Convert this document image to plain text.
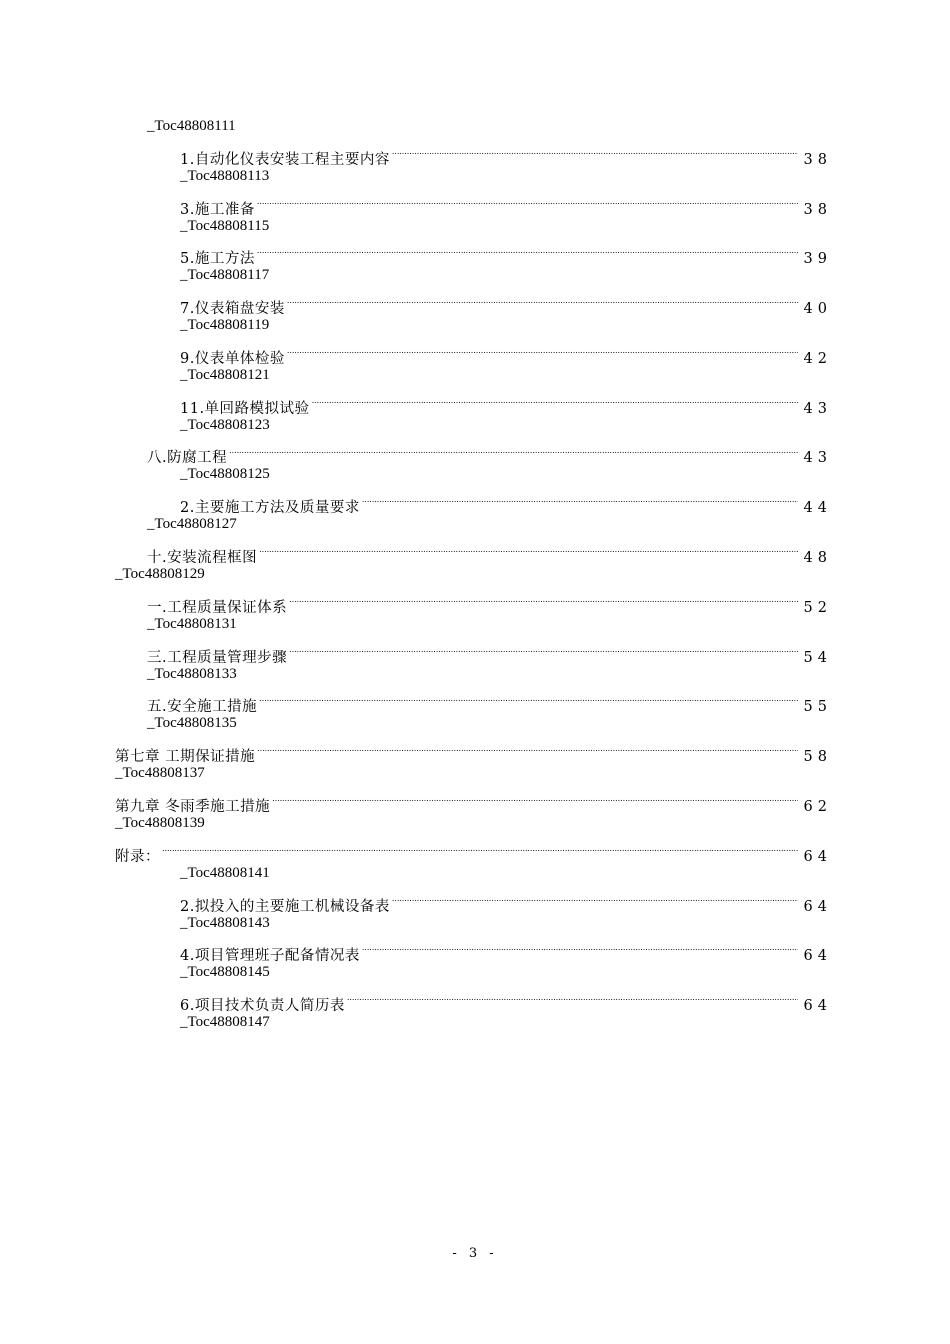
_Toc48808111
1.自动化仪表安装工程主要内容 . . .	38
_Toc48808113
3.施工准备 . . .	38
_Toc48808115
5.施工方法 . . .	39
_Toc48808117
7.仪表箱盘安装 . . .	40
_Toc48808119
9.仪表单体检验 . . .	42
_Toc48808121
11.单回路模拟试验 . . .	43
_Toc48808123
八.防腐工程 . . .	43
_Toc48808125
2.主要施工方法及质量要求 . . .	44
_Toc48808127
十.安装流程框图 . . .	48
_Toc48808129
一.工程质量保证体系 . . .	52
_Toc48808131
三.工程质量管理步骤 . . .	54
_Toc48808133
五.安全施工措施 . . .	55
_Toc48808135
第七章 工期保证措施 . . .	58
_Toc48808137
第九章 冬雨季施工措施 . . .	62
_Toc48808139
附录： . . .	64
_Toc48808141
2.拟投入的主要施工机械设备表 . . .	64
_Toc48808143
4.项目管理班子配备情况表 . . .	64
_Toc48808145
6.项目技术负责人简历表 . . .	64
_Toc48808147
- 3 -
